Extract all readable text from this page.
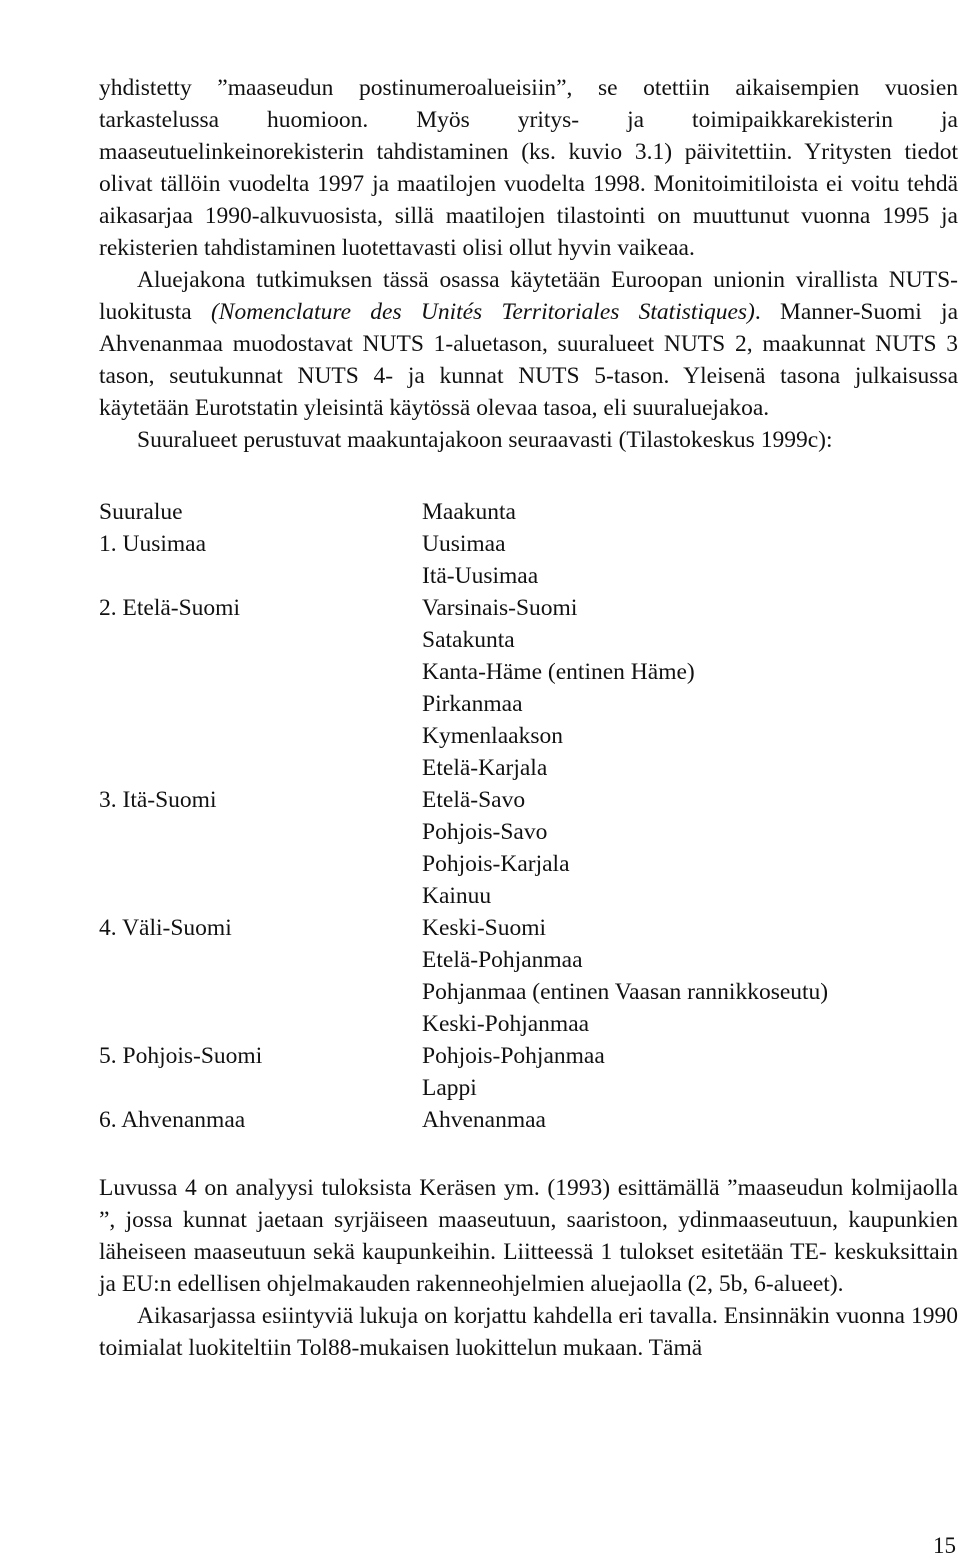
yhdistetty ”maaseudun postinumeroalueisiin”, se otettiin aikaisempien vuosien tarkastelussa huomioon. Myös yritys- ja toimipaikkarekisterin ja maaseutuelinkeinorekisterin tahdistaminen (ks. kuvio 3.1) päivitettiin. Yritysten tiedot olivat tällöin vuodelta 1997 ja maatilojen vuodelta 1998. Monitoimitiloista ei voitu tehdä aikasarjaa 1990-alkuvuosista, sillä maatilojen tilastointi on muuttunut vuonna 1995 ja rekisterien tahdistaminen luotettavasti olisi ollut hyvin vaikeaa.

Aluejakona tutkimuksen tässä osassa käytetään Euroopan unionin virallista NUTS-luokitusta (Nomenclature des Unités Territoriales Statistiques). Manner-Suomi ja Ahvenanmaa muodostavat NUTS 1-aluetason, suuralueet NUTS 2, maakunnat NUTS 3 tason, seutukunnat NUTS 4- ja kunnat NUTS 5-tason. Yleisenä tasona julkaisussa käytetään Eurotstatin yleisintä käytössä olevaa tasoa, eli suuraluejakoa.

Suuralueet perustuvat maakuntajakoon seuraavasti (Tilastokeskus 1999c):

Suuralue	Maakunta
1. Uusimaa	Uusimaa
	Itä-Uusimaa
2. Etelä-Suomi	Varsinais-Suomi
	Satakunta
	Kanta-Häme (entinen Häme)
	Pirkanmaa
	Kymenlaakson
	Etelä-Karjala
3. Itä-Suomi	Etelä-Savo
	Pohjois-Savo
	Pohjois-Karjala
	Kainuu
4. Väli-Suomi	Keski-Suomi
	Etelä-Pohjanmaa
	Pohjanmaa (entinen Vaasan rannikkoseutu)
	Keski-Pohjanmaa
5. Pohjois-Suomi	Pohjois-Pohjanmaa
	Lappi
6. Ahvenanmaa	Ahvenanmaa

Luvussa 4 on analyysi tuloksista Keräsen ym. (1993) esittämällä ”maaseudun kolmijaolla ”, jossa kunnat jaetaan syrjäiseen maaseutuun, saaristoon, ydinmaaseutuun, kaupunkien läheiseen maaseutuun sekä kaupunkeihin. Liitteessä 1 tulokset esitetään TE- keskuksittain ja EU:n edellisen ohjelmakauden rakenneohjelmien aluejaolla (2, 5b, 6-alueet).

Aikasarjassa esiintyviä lukuja on korjattu kahdella eri tavalla. Ensinnäkin vuonna 1990 toimialat luokiteltiin Tol88-mukaisen luokittelun mukaan. Tämä

15
